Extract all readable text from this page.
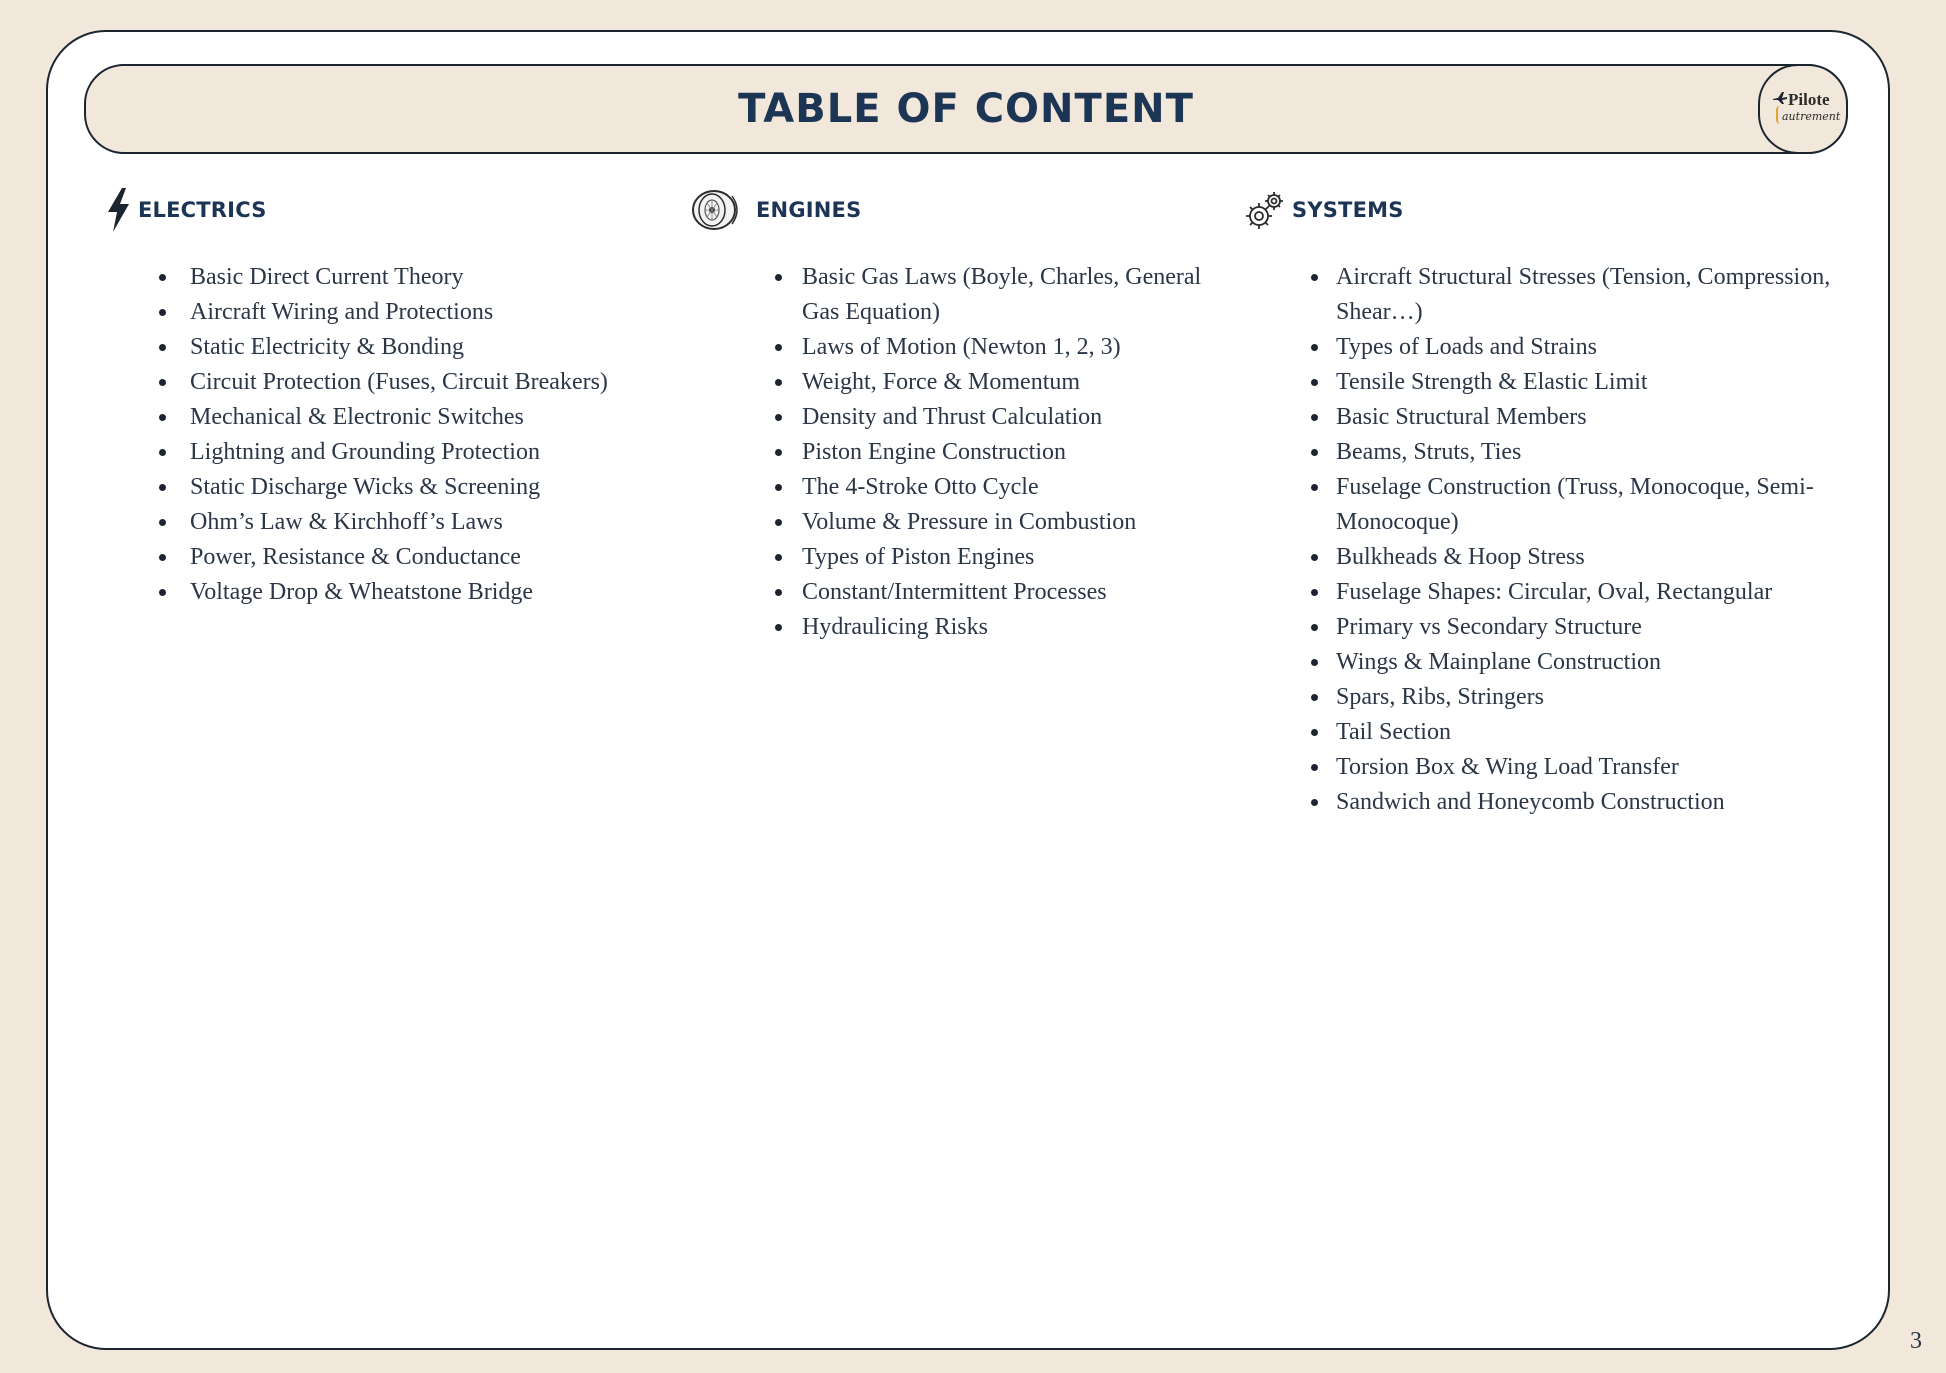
TABLE OF CONTENT	Pilote
autrement
ELECTRICS
Basic Direct Current Theory
Aircraft Wiring and Protections
Static Electricity & Bonding
Circuit Protection (Fuses, Circuit Breakers)
Mechanical & Electronic Switches
Lightning and Grounding Protection
Static Discharge Wicks & Screening
Ohm’s Law & Kirchhoff’s Laws
Power, Resistance & Conductance
Voltage Drop & Wheatstone Bridge
ENGINES
Basic Gas Laws (Boyle, Charles, General Gas Equation)
Laws of Motion (Newton 1, 2, 3)
Weight, Force & Momentum
Density and Thrust Calculation
Piston Engine Construction
The 4-Stroke Otto Cycle
Volume & Pressure in Combustion
Types of Piston Engines
Constant/Intermittent Processes
Hydraulicing Risks
SYSTEMS
Aircraft Structural Stresses (Tension, Compression, Shear…)
Types of Loads and Strains
Tensile Strength & Elastic Limit
Basic Structural Members
Beams, Struts, Ties
Fuselage Construction (Truss, Monocoque, Semi-Monocoque)
Bulkheads & Hoop Stress
Fuselage Shapes: Circular, Oval, Rectangular
Primary vs Secondary Structure
Wings & Mainplane Construction
Spars, Ribs, Stringers
Tail Section
Torsion Box & Wing Load Transfer
Sandwich and Honeycomb Construction
3
